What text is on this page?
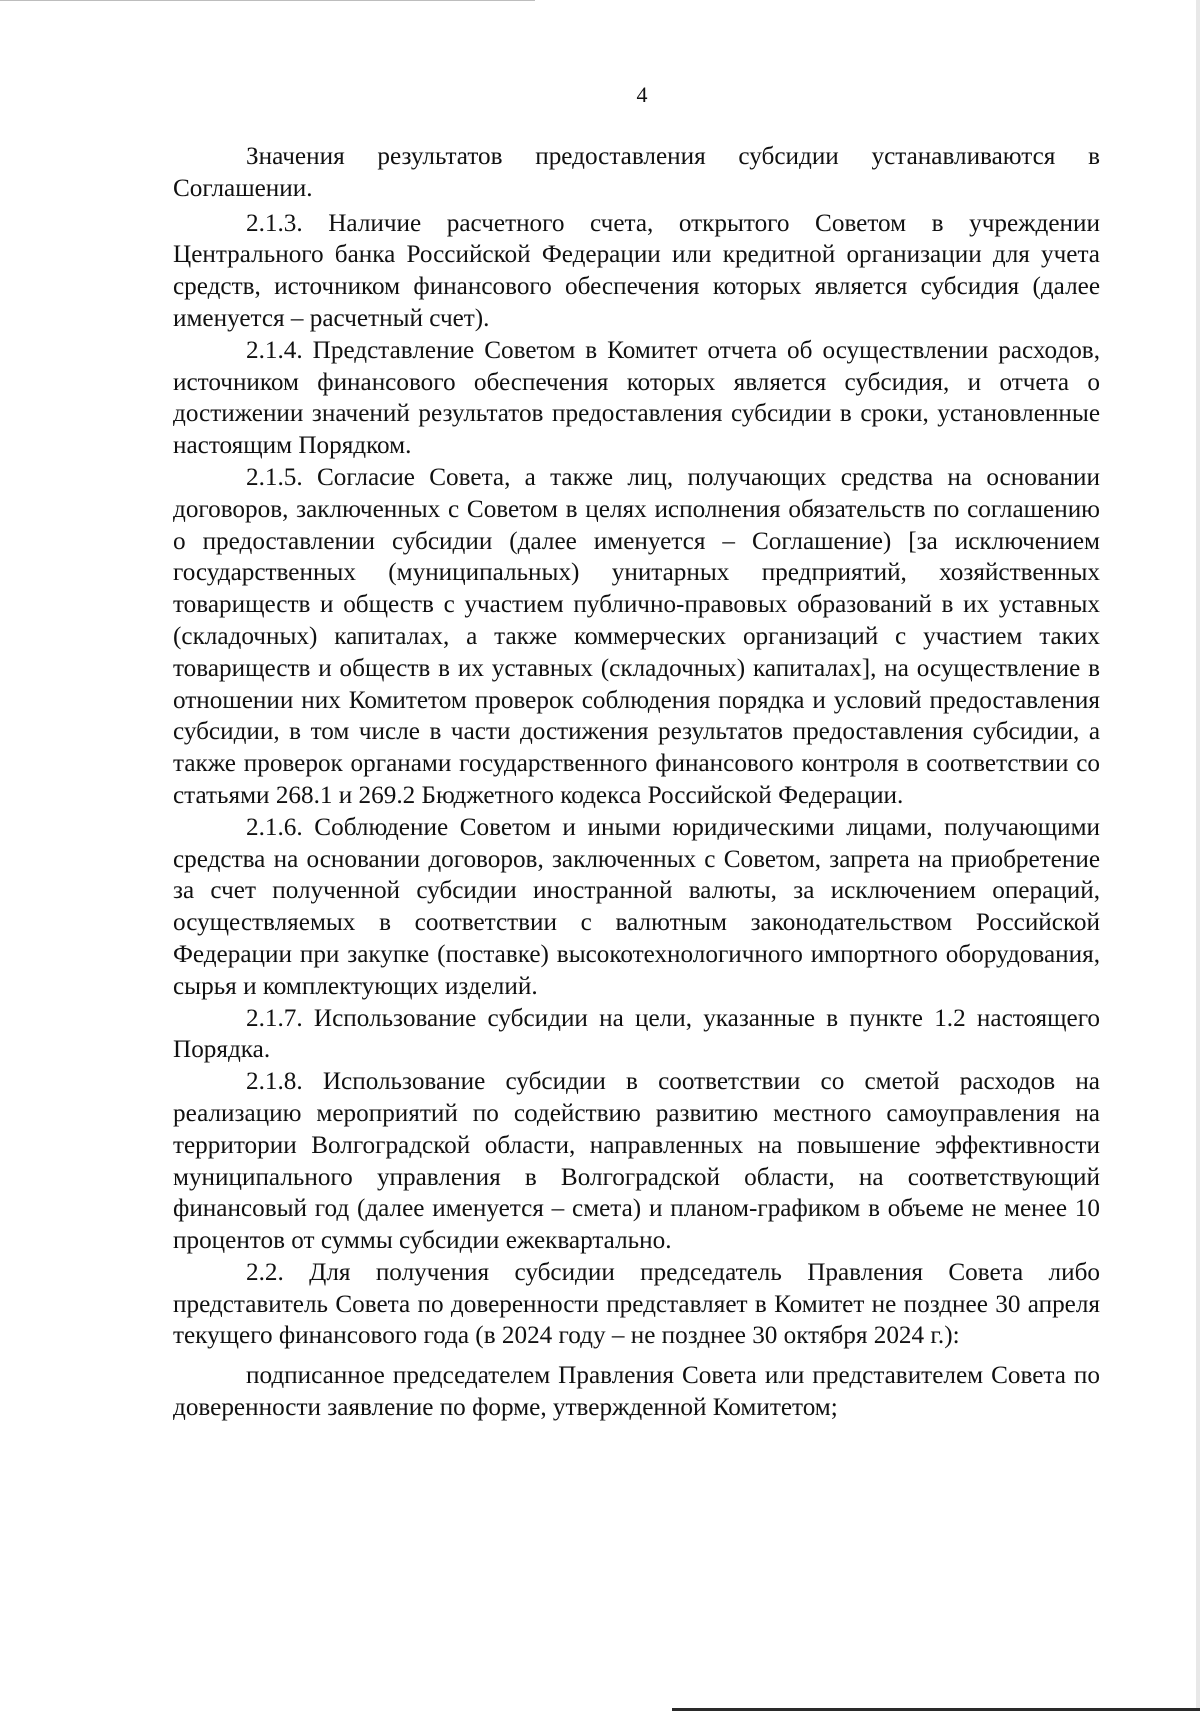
4

Значения результатов предоставления субсидии устанавливаются в Соглашении.

2.1.3. Наличие расчетного счета, открытого Советом в учреждении Центрального банка Российской Федерации или кредитной организации для учета средств, источником финансового обеспечения которых является субсидия (далее именуется – расчетный счет).

2.1.4. Представление Советом в Комитет отчета об осуществлении расходов, источником финансового обеспечения которых является субсидия, и отчета о достижении значений результатов предоставления субсидии в сроки, установленные настоящим Порядком.

2.1.5. Согласие Совета, а также лиц, получающих средства на основании договоров, заключенных с Советом в целях исполнения обязательств по соглашению о предоставлении субсидии (далее именуется – Соглашение) [за исключением государственных (муниципальных) унитарных предприятий, хозяйственных товариществ и обществ с участием публично-правовых образований в их уставных (складочных) капиталах, а также коммерческих организаций с участием таких товариществ и обществ в их уставных (складочных) капиталах], на осуществление в отношении них Комитетом проверок соблюдения порядка и условий предоставления субсидии, в том числе в части достижения результатов предоставления субсидии, а также проверок органами государственного финансового контроля в соответствии со статьями 268.1 и 269.2 Бюджетного кодекса Российской Федерации.

2.1.6. Соблюдение Советом и иными юридическими лицами, получающими средства на основании договоров, заключенных с Советом, запрета на приобретение за счет полученной субсидии иностранной валюты, за исключением операций, осуществляемых в соответствии с валютным законодательством Российской Федерации при закупке (поставке) высокотехнологичного импортного оборудования, сырья и комплектующих изделий.

2.1.7. Использование субсидии на цели, указанные в пункте 1.2 настоящего Порядка.

2.1.8. Использование субсидии в соответствии со сметой расходов на реализацию мероприятий по содействию развитию местного самоуправления на территории Волгоградской области, направленных на повышение эффективности муниципального управления в Волгоградской области, на соответствующий финансовый год (далее именуется – смета) и планом-графиком в объеме не менее 10 процентов от суммы субсидии ежеквартально.

2.2. Для получения субсидии председатель Правления Совета либо представитель Совета по доверенности представляет в Комитет не позднее 30 апреля текущего финансового года (в 2024 году – не позднее 30 октября 2024 г.):

подписанное председателем Правления Совета или представителем Совета по доверенности заявление по форме, утвержденной Комитетом;
